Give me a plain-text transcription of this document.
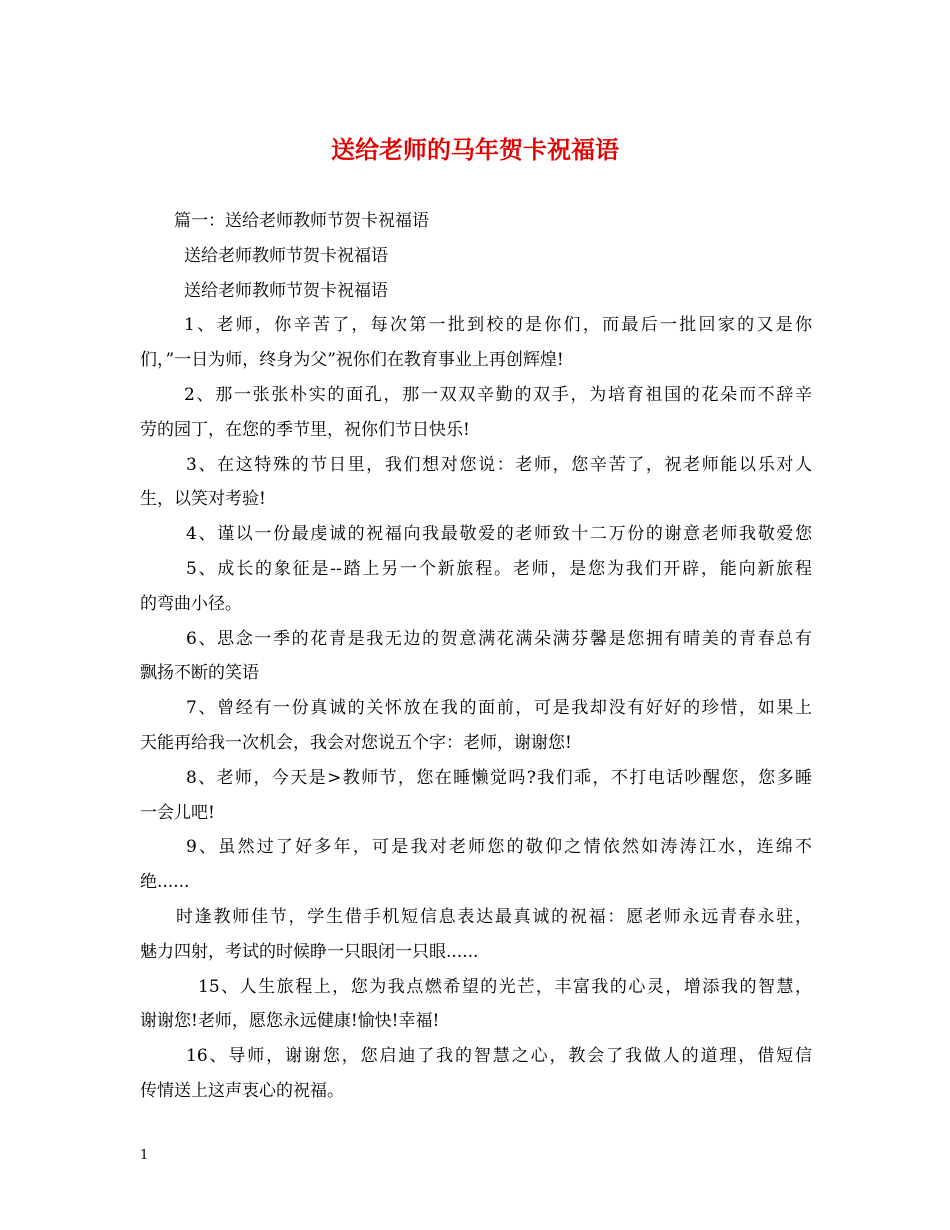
送给老师的马年贺卡祝福语

篇一：送给老师教师节贺卡祝福语

送给老师教师节贺卡祝福语

送给老师教师节贺卡祝福语

1、老师，你辛苦了，每次第一批到校的是你们，而最后一批回家的又是你

们，”一日为师，终身为父”祝你们在教育事业上再创辉煌!

2、那一张张朴实的面孔，那一双双辛勤的双手，为培育祖国的花朵而不辞辛

劳的园丁，在您的季节里，祝你们节日快乐!

3、在这特殊的节日里，我们想对您说：老师，您辛苦了，祝老师能以乐对人

生，以笑对考验!

4、谨以一份最虔诚的祝福向我最敬爱的老师致十二万份的谢意老师我敬爱您

5、成长的象征是--踏上另一个新旅程。老师，是您为我们开辟，能向新旅程

的弯曲小径。

6、思念一季的花青是我无边的贺意满花满朵满芬馨是您拥有晴美的青春总有

飘扬不断的笑语

7、曾经有一份真诚的关怀放在我的面前，可是我却没有好好的珍惜，如果上

天能再给我一次机会，我会对您说五个字：老师，谢谢您!

8、老师，今天是>教师节，您在睡懒觉吗?我们乖，不打电话吵醒您，您多睡

一会儿吧!

9、虽然过了好多年，可是我对老师您的敬仰之情依然如涛涛江水，连绵不

绝......

时逢教师佳节，学生借手机短信息表达最真诚的祝福：愿老师永远青春永驻，

魅力四射，考试的时候睁一只眼闭一只眼......

15、人生旅程上，您为我点燃希望的光芒，丰富我的心灵，增添我的智慧，

谢谢您!老师，愿您永远健康!愉快!幸福!

16、导师，谢谢您，您启迪了我的智慧之心，教会了我做人的道理，借短信

传情送上这声衷心的祝福。

1
